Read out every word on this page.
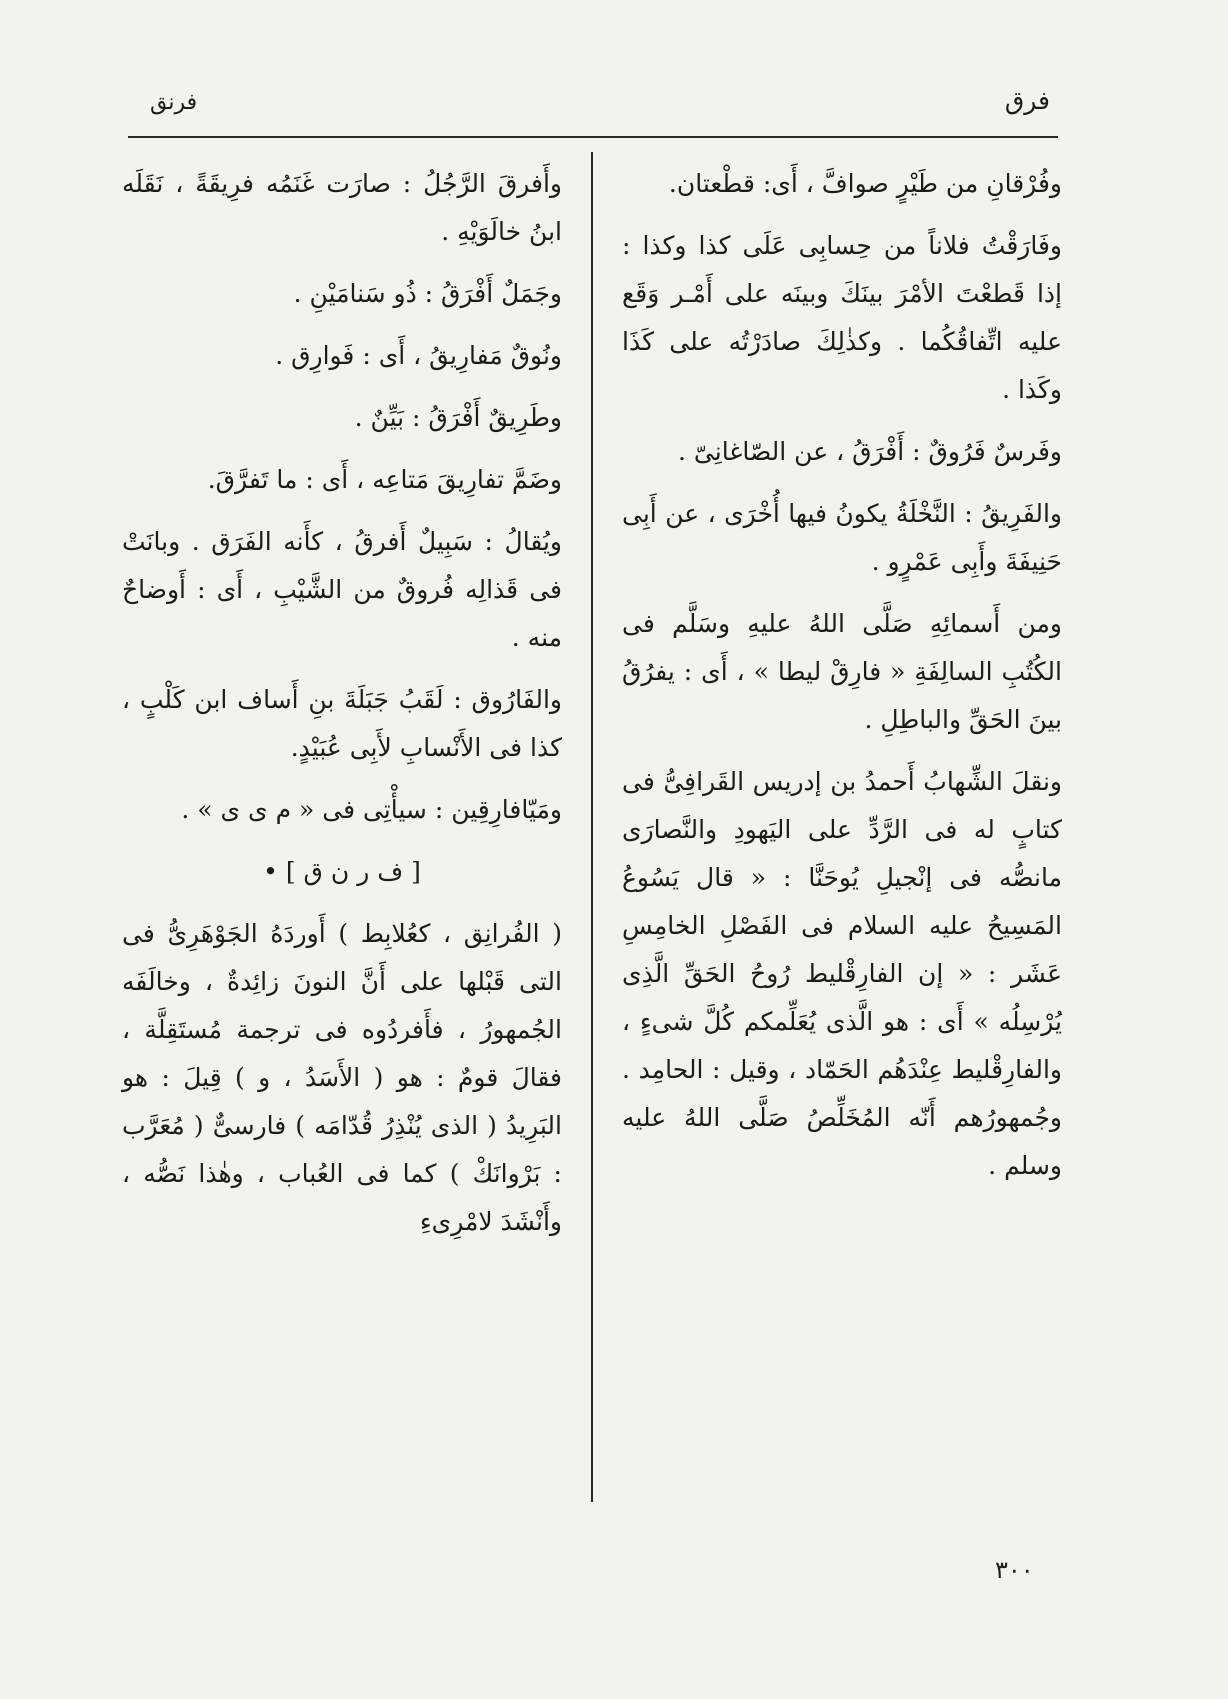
فرق
فرنق

وفُرْقانِ من طَيْرٍ صوافَّ ، أَى: قطْعتان.

وفَارَقْتُ فلاناً من حِسابِى عَلَى كذا وكذا : إذا قَطعْتَ الأمْرَ بينَكَ وبينَه على أَمْـر وَقَع عليه اتِّفاقُكُما . وكذٰلِكَ صادَرْتُه على كَذَا وكَذا .

وفَرسٌ فَرُوقٌ : أَفْرَقُ ، عن الصّاغانِىّ .

والفَرِيقُ : النَّخْلَةُ يكونُ فيها أُخْرَى ، عن أَبِى حَنِيفَةَ وأَبِى عَمْرٍو .

ومن أَسمائِهِ صَلَّى اللهُ عليهِ وسَلَّم فى الكُتُبِ السالِفَةِ « فارِقْ ليطا » ، أَى : يفرُقُ بينَ الحَقِّ والباطِلِ .

ونقلَ الشِّهابُ أَحمدُ بن إدريس القَرافِىُّ فى كتابٍ له فى الرَّدِّ على اليَهودِ والنَّصارَى مانصُّه فى إنْجيلِ يُوحَنَّا : « قال يَسُوعُ المَسِيحُ عليه السلام فى الفَصْلِ الخامِسِ عَشَر : « إن الفارِقْليط رُوحُ الحَقِّ الَّذِى يُرْسِلُه » أَى : هو الَّذى يُعَلِّمكم كُلَّ شىءٍ ، والفارِقْليط عِنْدَهُم الحَمّاد ، وقيل : الحامِد . وجُمهورُهم أَنّه المُخَلِّصُ صَلَّى اللهُ عليه وسلم .

وأَفرقَ الرَّجُلُ : صارَت غَنَمُه فرِيقَةً ، نَقَلَه ابنُ خالَوَيْهِ .

وجَمَلٌ أَفْرَقُ : ذُو سَنامَيْنِ .

ونُوقٌ مَفارِيقُ ، أَى : فَوارِق .

وطَرِيقٌ أَفْرَقُ : بَيِّنٌ .

وضَمَّ تفارِيقَ مَتاعِه ، أَى : ما تَفرَّقَ.

ويُقالُ : سَبِيلٌ أَفرقُ ، كأَنه الفَرَق . وبانَتْ فى قَذالِه فُروقٌ من الشَّيْبِ ، أَى : أَوضاحٌ منه .

والفَارُوق : لَقَبُ جَبَلَةَ بنِ أَساف ابن كَلْبٍ ، كذا فى الأَنْسابِ لأَبِى عُبَيْدٍ.

ومَيّافارِقِين : سيأْتِى فى « م ى ى » .

[ ف ر ن ق ] •

( الفُرانِق ، كعُلابِط ) أَوردَهُ الجَوْهَرِىُّ فى التى قَبْلها على أَنَّ النونَ زائِدةٌ ، وخالَفَه الجُمهورُ ، فأَفردُوه فى ترجمة مُستَقِلَّة ، فقالَ قومٌ : هو ( الأَسَدُ ، و ) قِيلَ : هو البَرِيدُ ( الذى يُنْذِرُ قُدّامَه ) فارسىٌّ ( مُعَرَّب : بَرْوانَكْ ) كما فى العُباب ، وهٰذا نَصُّه ، وأَنْشَدَ لامْرِىءِ

٣٠٠
